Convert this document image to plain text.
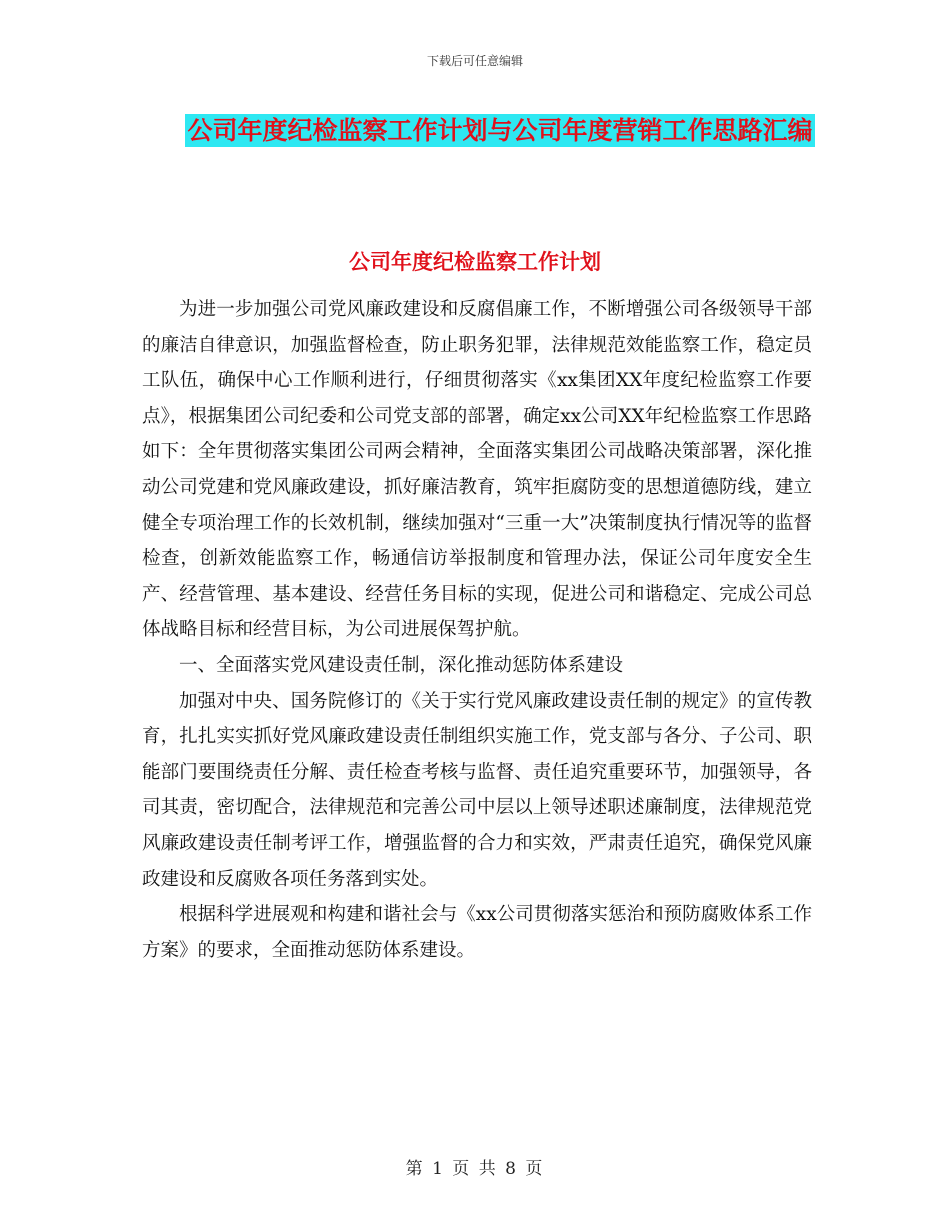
下载后可任意编辑
公司年度纪检监察工作计划与公司年度营销工作思路汇编
公司年度纪检监察工作计划

为进一步加强公司党风廉政建设和反腐倡廉工作，不断增强公司各级领导干部的廉洁自律意识，加强监督检查，防止职务犯罪，法律规范效能监察工作，稳定员工队伍，确保中心工作顺利进行，仔细贯彻落实《xx集团XX年度纪检监察工作要点》，根据集团公司纪委和公司党支部的部署，确定xx公司XX年纪检监察工作思路如下：全年贯彻落实集团公司两会精神，全面落实集团公司战略决策部署，深化推动公司党建和党风廉政建设，抓好廉洁教育，筑牢拒腐防变的思想道德防线，建立健全专项治理工作的长效机制，继续加强对“三重一大”决策制度执行情况等的监督检查，创新效能监察工作，畅通信访举报制度和管理办法，保证公司年度安全生产、经营管理、基本建设、经营任务目标的实现，促进公司和谐稳定、完成公司总体战略目标和经营目标，为公司进展保驾护航。

一、全面落实党风建设责任制，深化推动惩防体系建设

加强对中央、国务院修订的《关于实行党风廉政建设责任制的规定》的宣传教育，扎扎实实抓好党风廉政建设责任制组织实施工作，党支部与各分、子公司、职能部门要围绕责任分解、责任检查考核与监督、责任追究重要环节，加强领导，各司其责，密切配合，法律规范和完善公司中层以上领导述职述廉制度，法律规范党风廉政建设责任制考评工作，增强监督的合力和实效，严肃责任追究，确保党风廉政建设和反腐败各项任务落到实处。

根据科学进展观和构建和谐社会与《xx公司贯彻落实惩治和预防腐败体系工作方案》的要求，全面推动惩防体系建设。

第 1 页 共 8 页
